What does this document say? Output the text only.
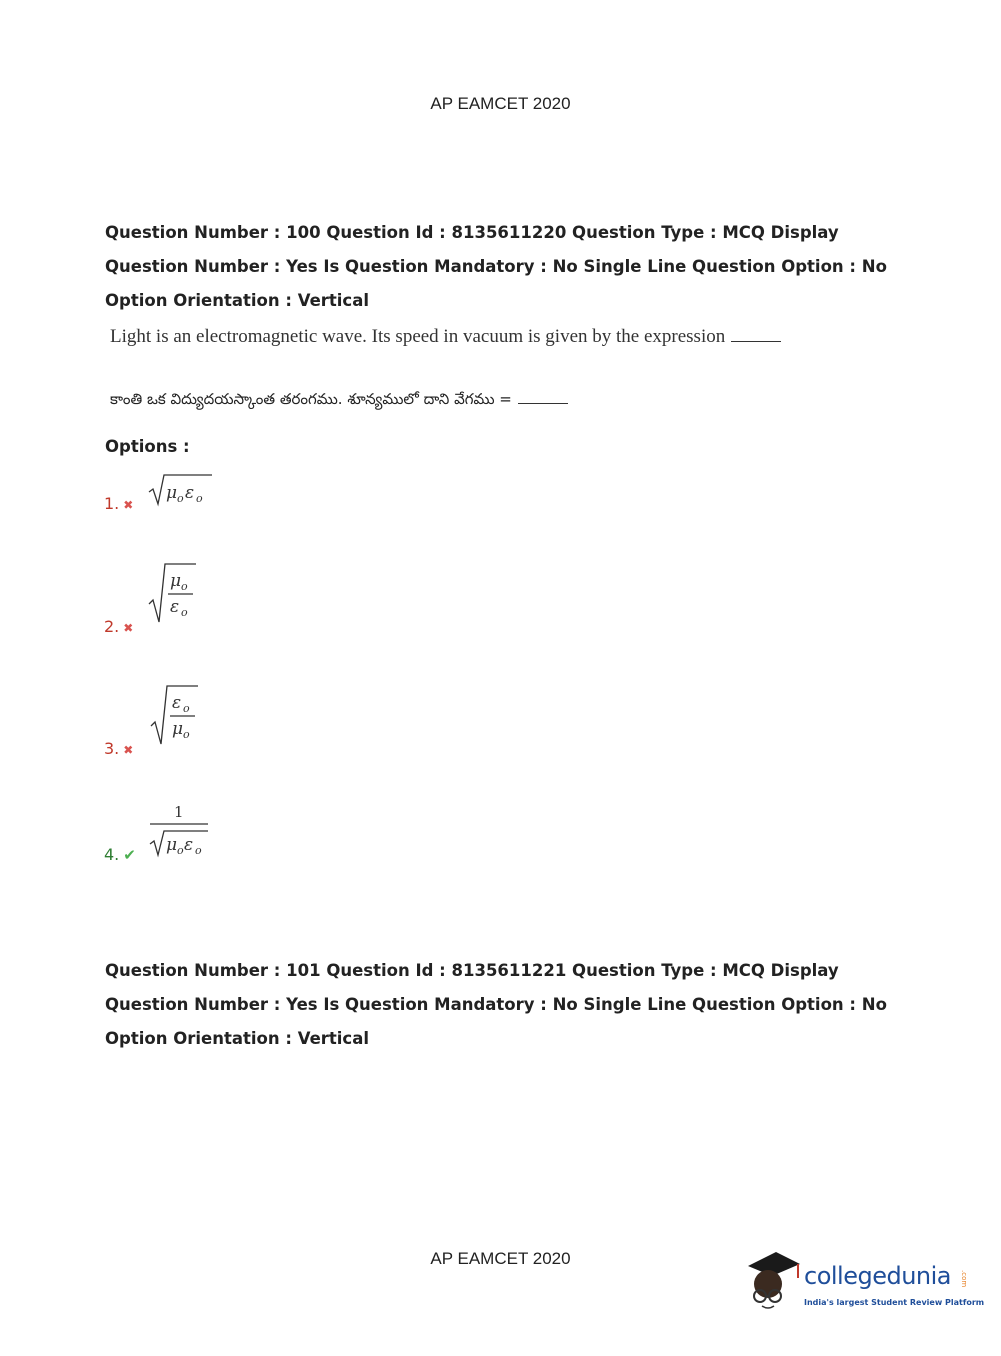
AP EAMCET 2020
Question Number : 100 Question Id : 8135611220 Question Type : MCQ Display Question Number : Yes Is Question Mandatory : No Single Line Question Option : No Option Orientation : Vertical
Light is an electromagnetic wave. Its speed in vacuum is given by the expression
కాంతి ఒక విద్యుదయస్కాంత తరంగము. శూన్యములో దాని వేగము =
Options :
1. ✖
μ o ε o
2. ✖
μ o
ε o
3. ✖
ε o
μ o
4. ✔
1
μ o ε o
Question Number : 101 Question Id : 8135611221 Question Type : MCQ Display Question Number : Yes Is Question Mandatory : No Single Line Question Option : No Option Orientation : Vertical
AP EAMCET 2020
collegedunia .com
India's largest Student Review Platform
